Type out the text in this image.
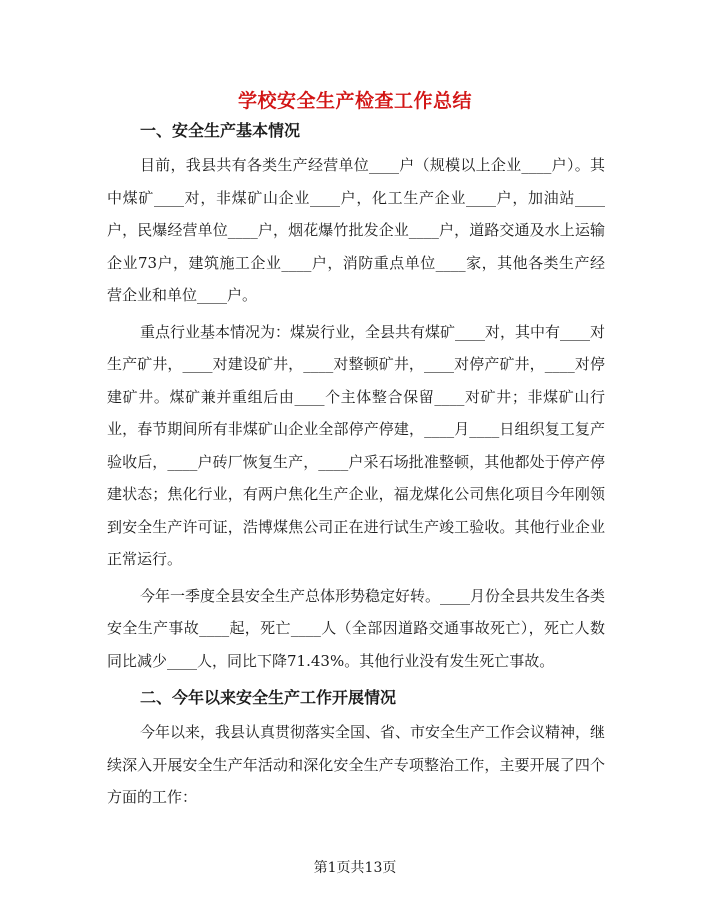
学校安全生产检查工作总结

一、安全生产基本情况

目前，我县共有各类生产经营单位____户（规模以上企业____户）。其中煤矿____对，非煤矿山企业____户，化工生产企业____户，加油站____户，民爆经营单位____户，烟花爆竹批发企业____户，道路交通及水上运输企业73户，建筑施工企业____户，消防重点单位____家，其他各类生产经营企业和单位____户。

重点行业基本情况为：煤炭行业，全县共有煤矿____对，其中有____对生产矿井，____对建设矿井，____对整顿矿井，____对停产矿井，____对停建矿井。煤矿兼并重组后由____个主体整合保留____对矿井；非煤矿山行业，春节期间所有非煤矿山企业全部停产停建，____月____日组织复工复产验收后，____户砖厂恢复生产，____户采石场批准整顿，其他都处于停产停建状态；焦化行业，有两户焦化生产企业，福龙煤化公司焦化项目今年刚领到安全生产许可证，浩博煤焦公司正在进行试生产竣工验收。其他行业企业正常运行。

今年一季度全县安全生产总体形势稳定好转。____月份全县共发生各类安全生产事故____起，死亡____人（全部因道路交通事故死亡），死亡人数同比减少____人，同比下降71.43%。其他行业没有发生死亡事故。

二、今年以来安全生产工作开展情况

今年以来，我县认真贯彻落实全国、省、市安全生产工作会议精神，继续深入开展安全生产年活动和深化安全生产专项整治工作，主要开展了四个方面的工作：

第1页共13页
